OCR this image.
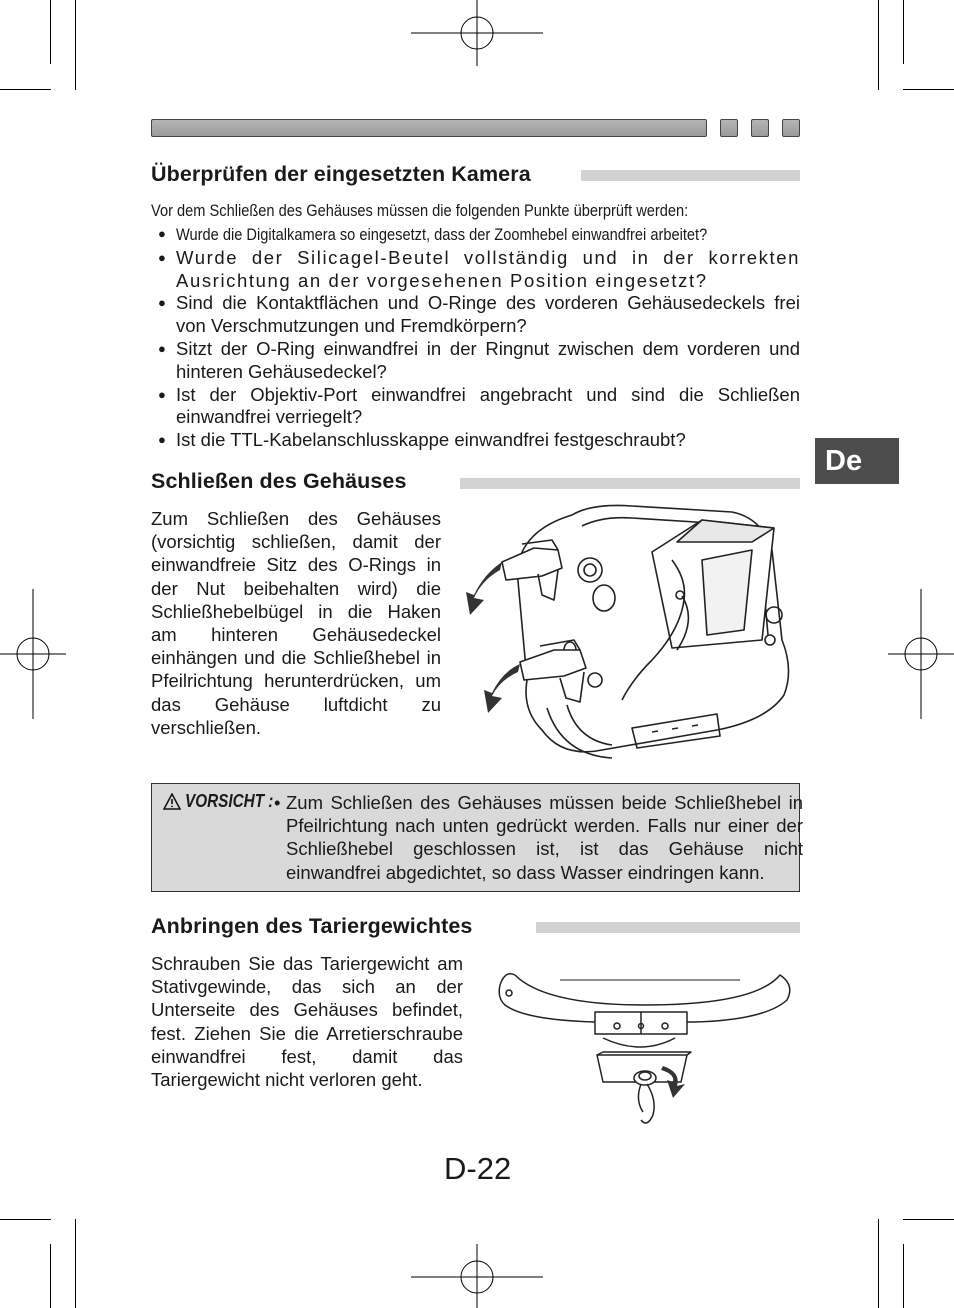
Überprüfen der eingesetzten Kamera
Vor dem Schließen des Gehäuses müssen die folgenden Punkte überprüft werden:
● Wurde die Digitalkamera so eingesetzt, dass der Zoomhebel einwandfrei arbeitet?
● Wurde der Silicagel-Beutel vollständig und in der korrekten Ausrichtung an der vorgesehenen Position eingesetzt?
● Sind die Kontaktflächen und O-Ringe des vorderen Gehäusedeckels frei von Verschmutzungen und Fremdkörpern?
● Sitzt der O-Ring einwandfrei in der Ringnut zwischen dem vorderen und hinteren Gehäusedeckel?
● Ist der Objektiv-Port einwandfrei angebracht und sind die Schließen einwandfrei verriegelt?
● Ist die TTL-Kabelanschlusskappe einwandfrei festgeschraubt?
De
Schließen des Gehäuses

Zum Schließen des Gehäuses (vorsichtig schließen, damit der einwandfreie Sitz des O-Rings in der Nut beibehalten wird) die Schließhebelbügel in die Haken am hinteren Gehäusedeckel einhängen und die Schließhebel in Pfeilrichtung herunterdrücken, um das Gehäuse luftdicht zu verschließen.

VORSICHT : • Zum Schließen des Gehäuses müssen beide Schließhebel in Pfeilrichtung nach unten gedrückt werden. Falls nur einer der Schließhebel geschlossen ist, ist das Gehäuse nicht einwandfrei abgedichtet, so dass Wasser eindringen kann.
Anbringen des Tariergewichtes

Schrauben Sie das Tariergewicht am Stativgewinde, das sich an der Unterseite des Gehäuses befindet, fest. Ziehen Sie die Arretierschraube einwandfrei fest, damit das Tariergewicht nicht verloren geht.

D-22
